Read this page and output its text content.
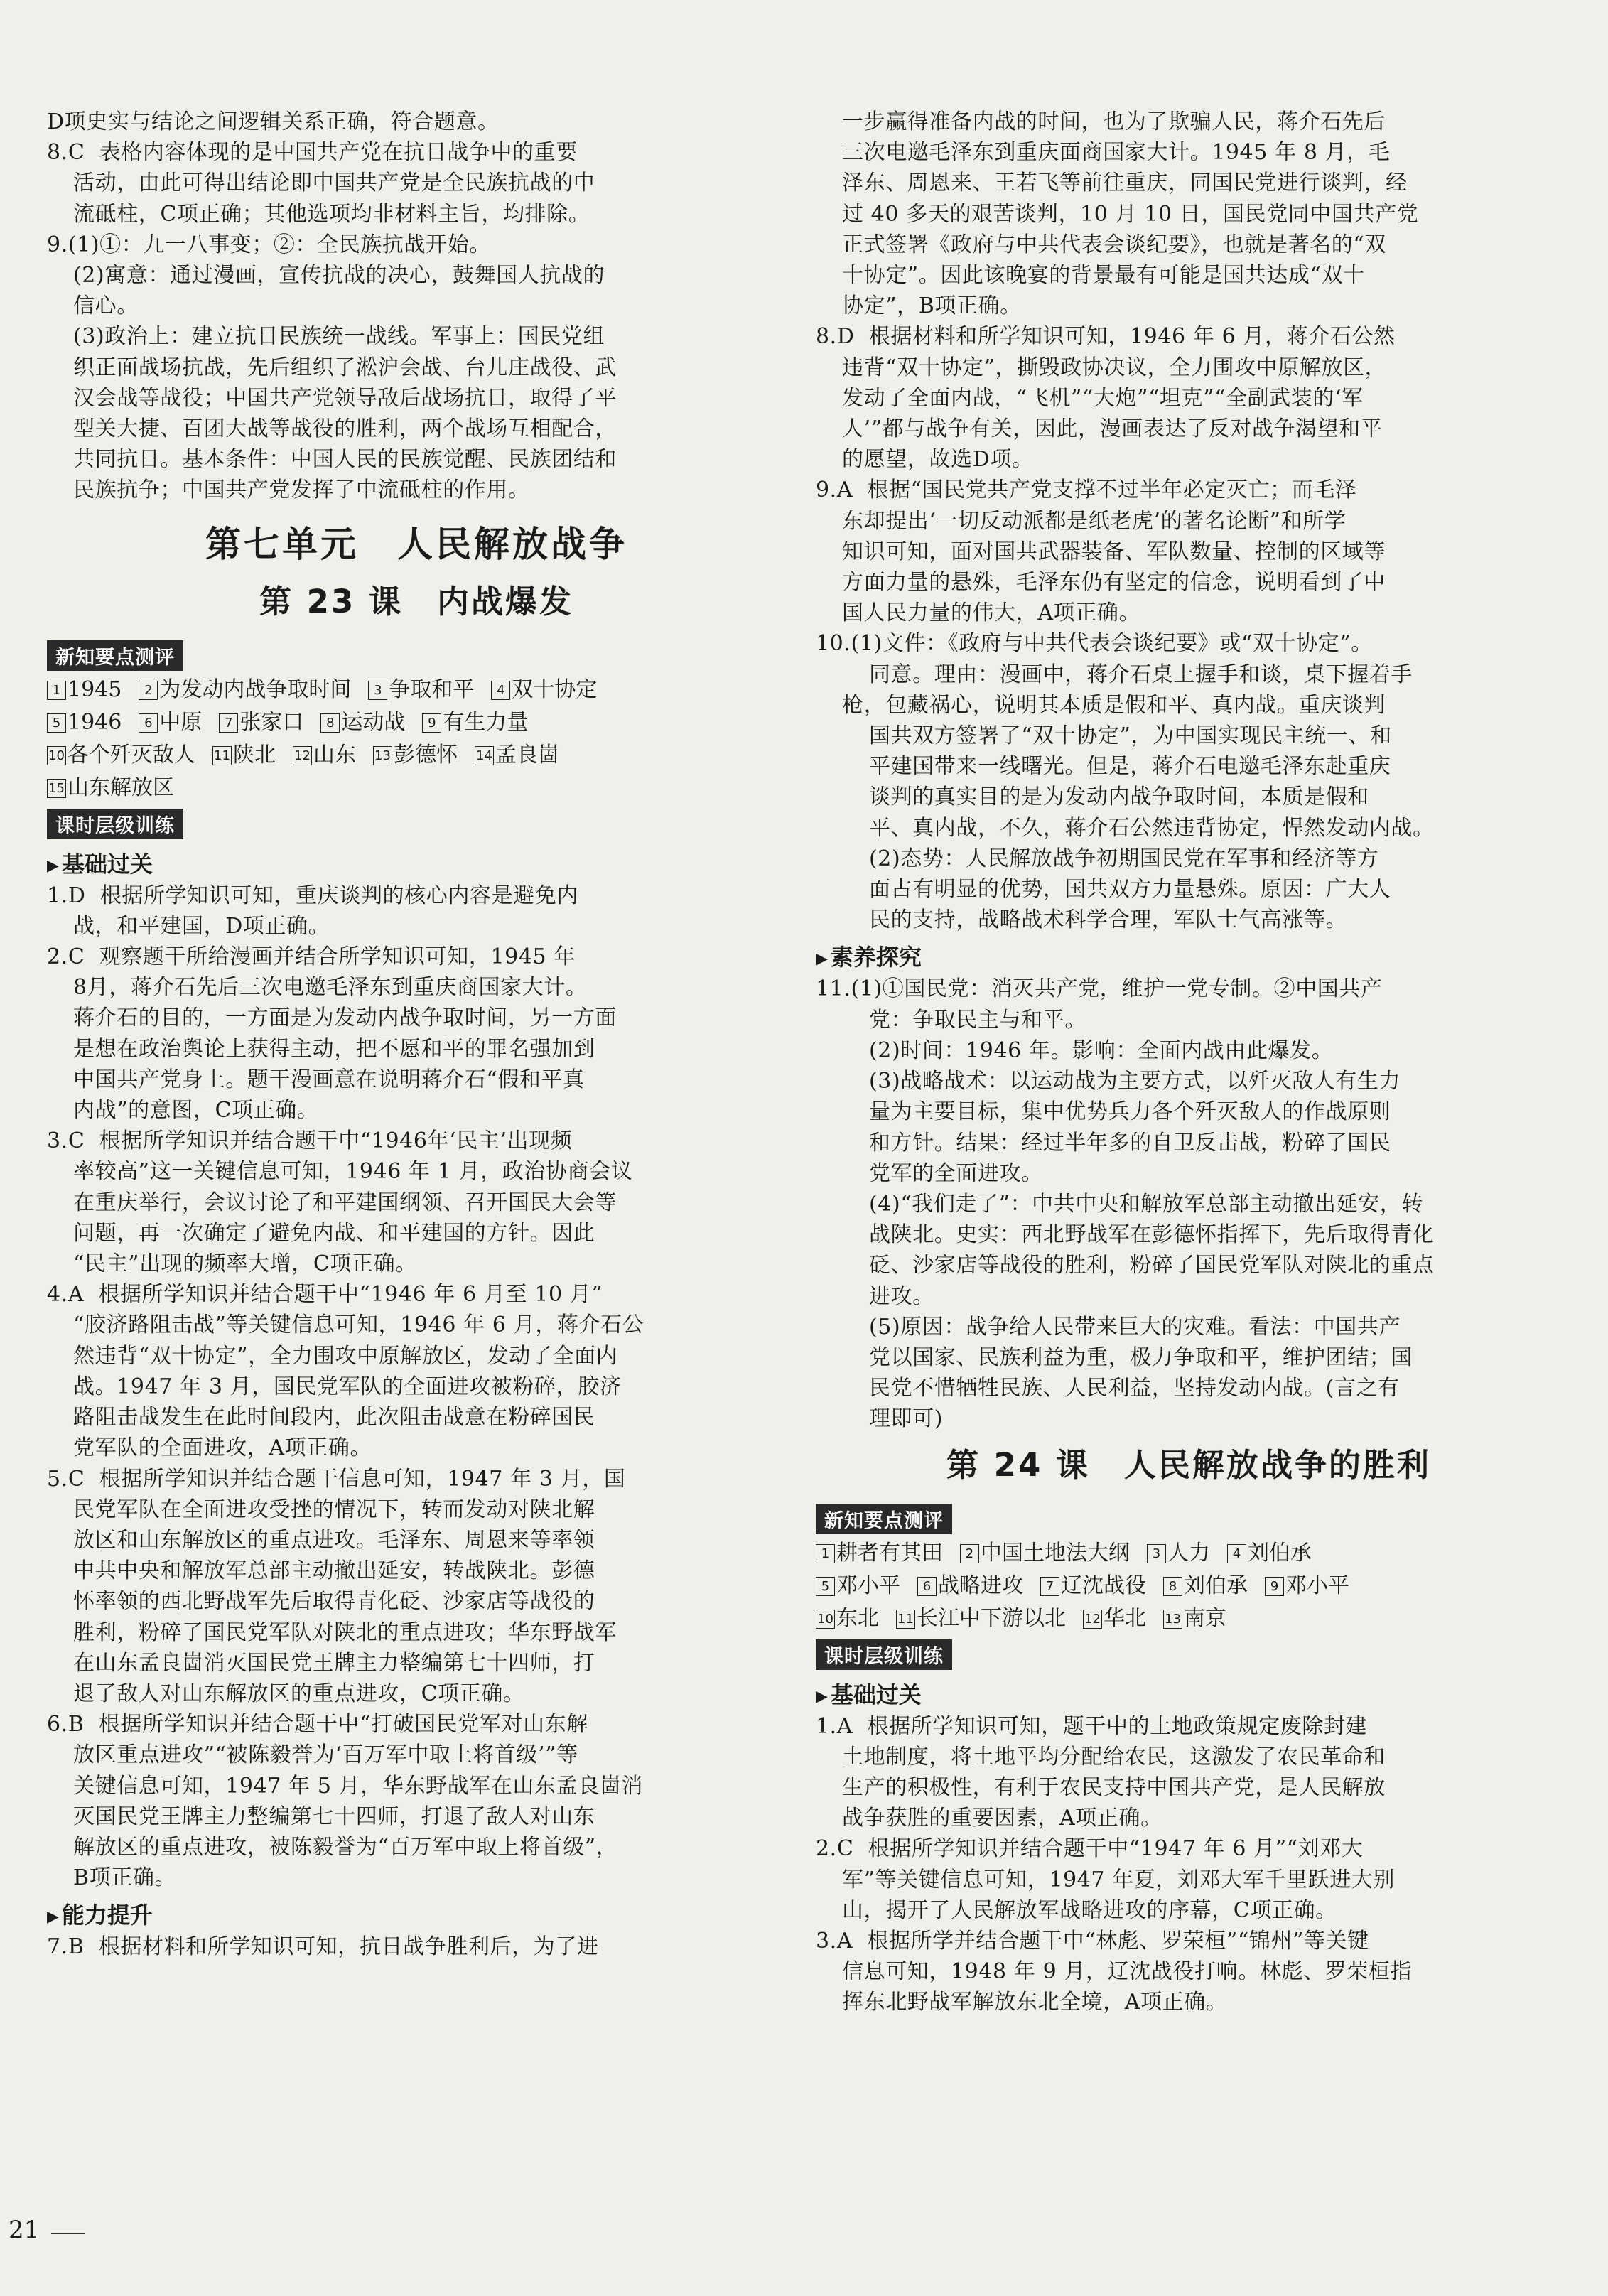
D项史实与结论之间逻辑关系正确，符合题意。

8.C  表格内容体现的是中国共产党在抗日战争中的重要

活动，由此可得出结论即中国共产党是全民族抗战的中

流砥柱，C项正确；其他选项均非材料主旨，均排除。

9.(1)①：九一八事变；②：全民族抗战开始。

(2)寓意：通过漫画，宣传抗战的决心，鼓舞国人抗战的

信心。

(3)政治上：建立抗日民族统一战线。军事上：国民党组

织正面战场抗战，先后组织了淞沪会战、台儿庄战役、武

汉会战等战役；中国共产党领导敌后战场抗日，取得了平

型关大捷、百团大战等战役的胜利，两个战场互相配合，

共同抗日。基本条件：中国人民的民族觉醒、民族团结和

民族抗争；中国共产党发挥了中流砥柱的作用。

第七单元　人民解放战争
第 23 课　内战爆发
新知要点测评

1 1945 2 为发动内战争取时间 3 争取和平 4 双十协定

5 1946 6 中原 7 张家口 8 运动战 9 有生力量

10 各个歼灭敌人 11 陕北 12 山东 13 彭德怀 14 孟良崮

15 山东解放区

课时层级训练
▶ 基础过关

1.D  根据所学知识可知，重庆谈判的核心内容是避免内

战，和平建国，D项正确。

2.C  观察题干所给漫画并结合所学知识可知，1945 年

8月，蒋介石先后三次电邀毛泽东到重庆商国家大计。

蒋介石的目的，一方面是为发动内战争取时间，另一方面

是想在政治舆论上获得主动，把不愿和平的罪名强加到

中国共产党身上。题干漫画意在说明蒋介石“假和平真

内战”的意图，C项正确。

3.C  根据所学知识并结合题干中“1946年‘民主’出现频

率较高”这一关键信息可知，1946 年 1 月，政治协商会议

在重庆举行，会议讨论了和平建国纲领、召开国民大会等

问题，再一次确定了避免内战、和平建国的方针。因此

“民主”出现的频率大增，C项正确。

4.A  根据所学知识并结合题干中“1946 年 6 月至 10 月”

“胶济路阻击战”等关键信息可知，1946 年 6 月，蒋介石公

然违背“双十协定”，全力围攻中原解放区，发动了全面内

战。1947 年 3 月，国民党军队的全面进攻被粉碎，胶济

路阻击战发生在此时间段内，此次阻击战意在粉碎国民

党军队的全面进攻，A项正确。

5.C  根据所学知识并结合题干信息可知，1947 年 3 月，国

民党军队在全面进攻受挫的情况下，转而发动对陕北解

放区和山东解放区的重点进攻。毛泽东、周恩来等率领

中共中央和解放军总部主动撤出延安，转战陕北。彭德

怀率领的西北野战军先后取得青化砭、沙家店等战役的

胜利，粉碎了国民党军队对陕北的重点进攻；华东野战军

在山东孟良崮消灭国民党王牌主力整编第七十四师，打

退了敌人对山东解放区的重点进攻，C项正确。

6.B  根据所学知识并结合题干中“打破国民党军对山东解

放区重点进攻”“被陈毅誉为‘百万军中取上将首级’”等

关键信息可知，1947 年 5 月，华东野战军在山东孟良崮消

灭国民党王牌主力整编第七十四师，打退了敌人对山东

解放区的重点进攻，被陈毅誉为“百万军中取上将首级”，

B项正确。

▶ 能力提升

7.B  根据材料和所学知识可知，抗日战争胜利后，为了进

一步赢得准备内战的时间，也为了欺骗人民，蒋介石先后

三次电邀毛泽东到重庆面商国家大计。1945 年 8 月，毛

泽东、周恩来、王若飞等前往重庆，同国民党进行谈判，经

过 40 多天的艰苦谈判，10 月 10 日，国民党同中国共产党

正式签署《政府与中共代表会谈纪要》，也就是著名的“双

十协定”。因此该晚宴的背景最有可能是国共达成“双十

协定”，B项正确。

8.D  根据材料和所学知识可知，1946 年 6 月，蒋介石公然

违背“双十协定”，撕毁政协决议，全力围攻中原解放区，

发动了全面内战，“飞机”“大炮”“坦克”“全副武装的‘军

人’”都与战争有关，因此，漫画表达了反对战争渴望和平

的愿望，故选D项。

9.A  根据“国民党共产党支撑不过半年必定灭亡；而毛泽

东却提出‘一切反动派都是纸老虎’的著名论断”和所学

知识可知，面对国共武器装备、军队数量、控制的区域等

方面力量的悬殊，毛泽东仍有坚定的信念，说明看到了中

国人民力量的伟大，A项正确。

10.(1)文件：《政府与中共代表会谈纪要》或“双十协定”。

同意。理由：漫画中，蒋介石桌上握手和谈，桌下握着手

枪，包藏祸心，说明其本质是假和平、真内战。重庆谈判

国共双方签署了“双十协定”，为中国实现民主统一、和

平建国带来一线曙光。但是，蒋介石电邀毛泽东赴重庆

谈判的真实目的是为发动内战争取时间，本质是假和

平、真内战，不久，蒋介石公然违背协定，悍然发动内战。

(2)态势：人民解放战争初期国民党在军事和经济等方

面占有明显的优势，国共双方力量悬殊。原因：广大人

民的支持，战略战术科学合理，军队士气高涨等。

▶ 素养探究

11.(1)①国民党：消灭共产党，维护一党专制。②中国共产

党：争取民主与和平。

(2)时间：1946 年。影响：全面内战由此爆发。

(3)战略战术：以运动战为主要方式，以歼灭敌人有生力

量为主要目标，集中优势兵力各个歼灭敌人的作战原则

和方针。结果：经过半年多的自卫反击战，粉碎了国民

党军的全面进攻。

(4)“我们走了”：中共中央和解放军总部主动撤出延安，转

战陕北。史实：西北野战军在彭德怀指挥下，先后取得青化

砭、沙家店等战役的胜利，粉碎了国民党军队对陕北的重点

进攻。

(5)原因：战争给人民带来巨大的灾难。看法：中国共产

党以国家、民族利益为重，极力争取和平，维护团结；国

民党不惜牺牲民族、人民利益，坚持发动内战。(言之有

理即可)

第 24 课　人民解放战争的胜利
新知要点测评

1 耕者有其田 2 中国土地法大纲 3 人力 4 刘伯承

5 邓小平 6 战略进攻 7 辽沈战役 8 刘伯承 9 邓小平

10 东北 11 长江中下游以北 12 华北 13 南京

课时层级训练
▶ 基础过关

1.A  根据所学知识可知，题干中的土地政策规定废除封建

土地制度，将土地平均分配给农民，这激发了农民革命和

生产的积极性，有利于农民支持中国共产党，是人民解放

战争获胜的重要因素，A项正确。

2.C  根据所学知识并结合题干中“1947 年 6 月”“刘邓大

军”等关键信息可知，1947 年夏，刘邓大军千里跃进大别

山，揭开了人民解放军战略进攻的序幕，C项正确。

3.A  根据所学并结合题干中“林彪、罗荣桓”“锦州”等关键

信息可知，1948 年 9 月，辽沈战役打响。林彪、罗荣桓指

挥东北野战军解放东北全境，A项正确。

21
